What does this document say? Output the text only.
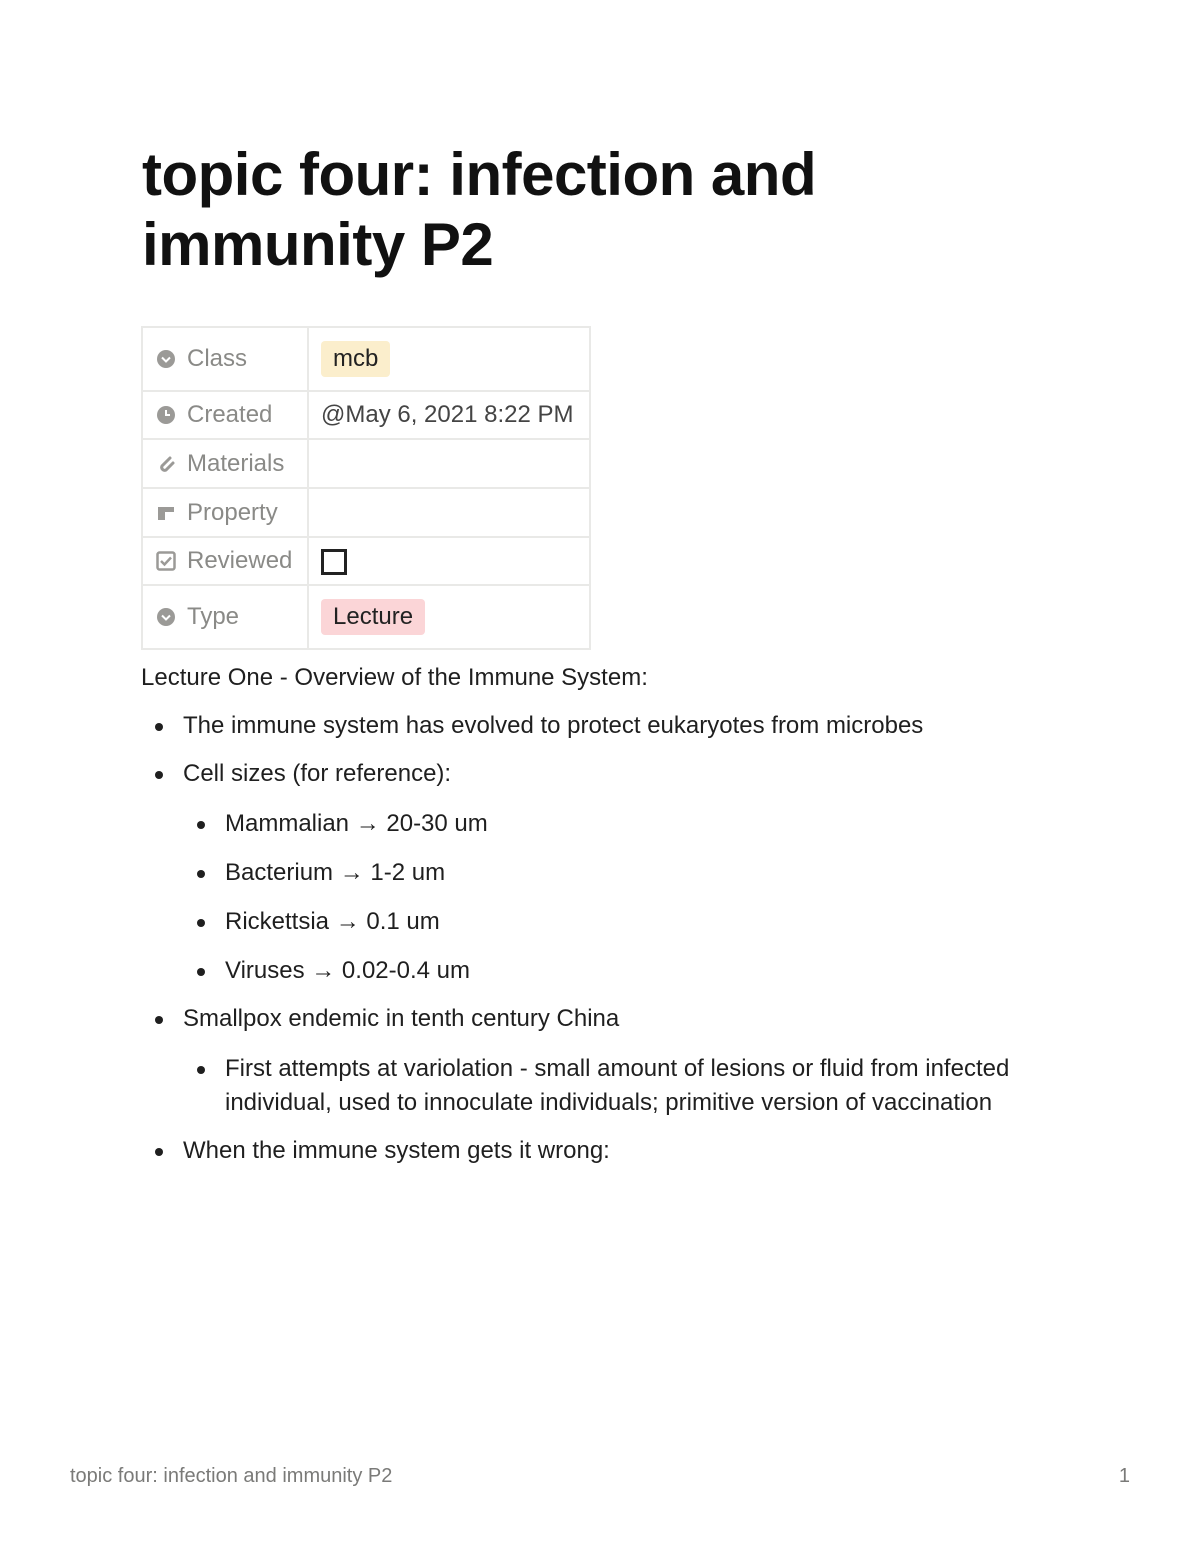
topic four: infection and immunity P2
Class	mcb

Created	@May 6, 2021 8:22 PM

Materials	

Property	

Reviewed	

Type	Lecture

Lecture One - Overview of the Immune System:

The immune system has evolved to protect eukaryotes from microbes
Cell sizes (for reference):
Mammalian → 20-30 um
Bacterium → 1-2 um
Rickettsia → 0.1 um
Viruses → 0.02-0.4 um
Smallpox endemic in tenth century China
First attempts at variolation - small amount of lesions or fluid from infected individual, used to innoculate individuals; primitive version of vaccination
When the immune system gets it wrong:
topic four: infection and immunity P2	1
